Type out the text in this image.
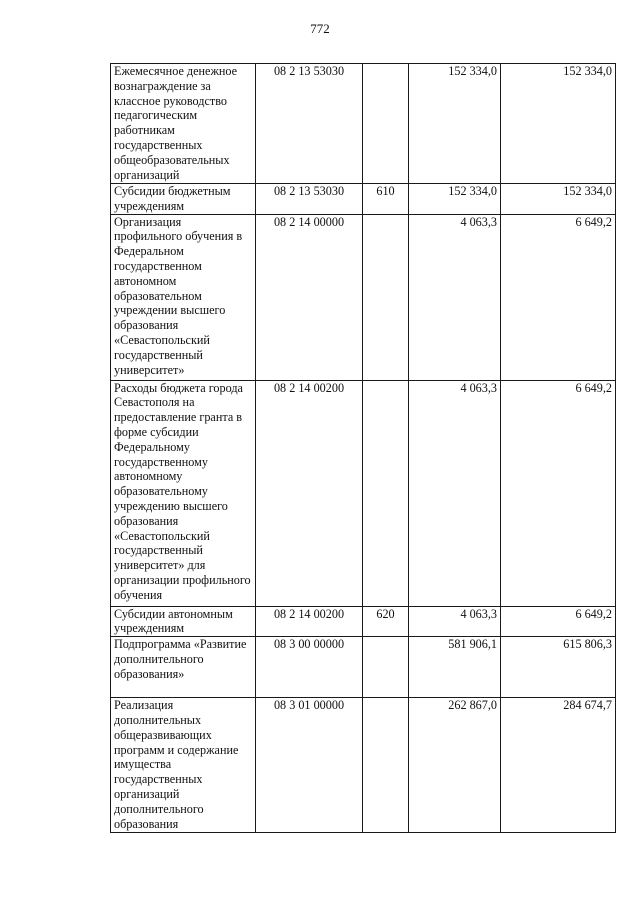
772
Ежемесячное денежное вознаграждение за классное руководство педагогическим работникам государственных общеобразовательных организаций	08 2 13 53030		152 334,0	152 334,0
Субсидии бюджетным учреждениям	08 2 13 53030	610	152 334,0	152 334,0
Организация профильного обучения в Федеральном государственном автономном образовательном учреждении высшего образования «Севастопольский государственный университет»	08 2 14 00000		4 063,3	6 649,2
Расходы бюджета города Севастополя на предоставление гранта в форме субсидии Федеральному государственному автономному образовательному учреждению высшего образования «Севастопольский государственный университет» для организации профильного обучения	08 2 14 00200		4 063,3	6 649,2
Субсидии автономным учреждениям	08 2 14 00200	620	4 063,3	6 649,2
Подпрограмма «Развитие дополнительного образования»	08 3 00 00000		581 906,1	615 806,3
Реализация дополнительных общеразвивающих программ и содержание имущества государственных организаций дополнительного образования	08 3 01 00000		262 867,0	284 674,7
